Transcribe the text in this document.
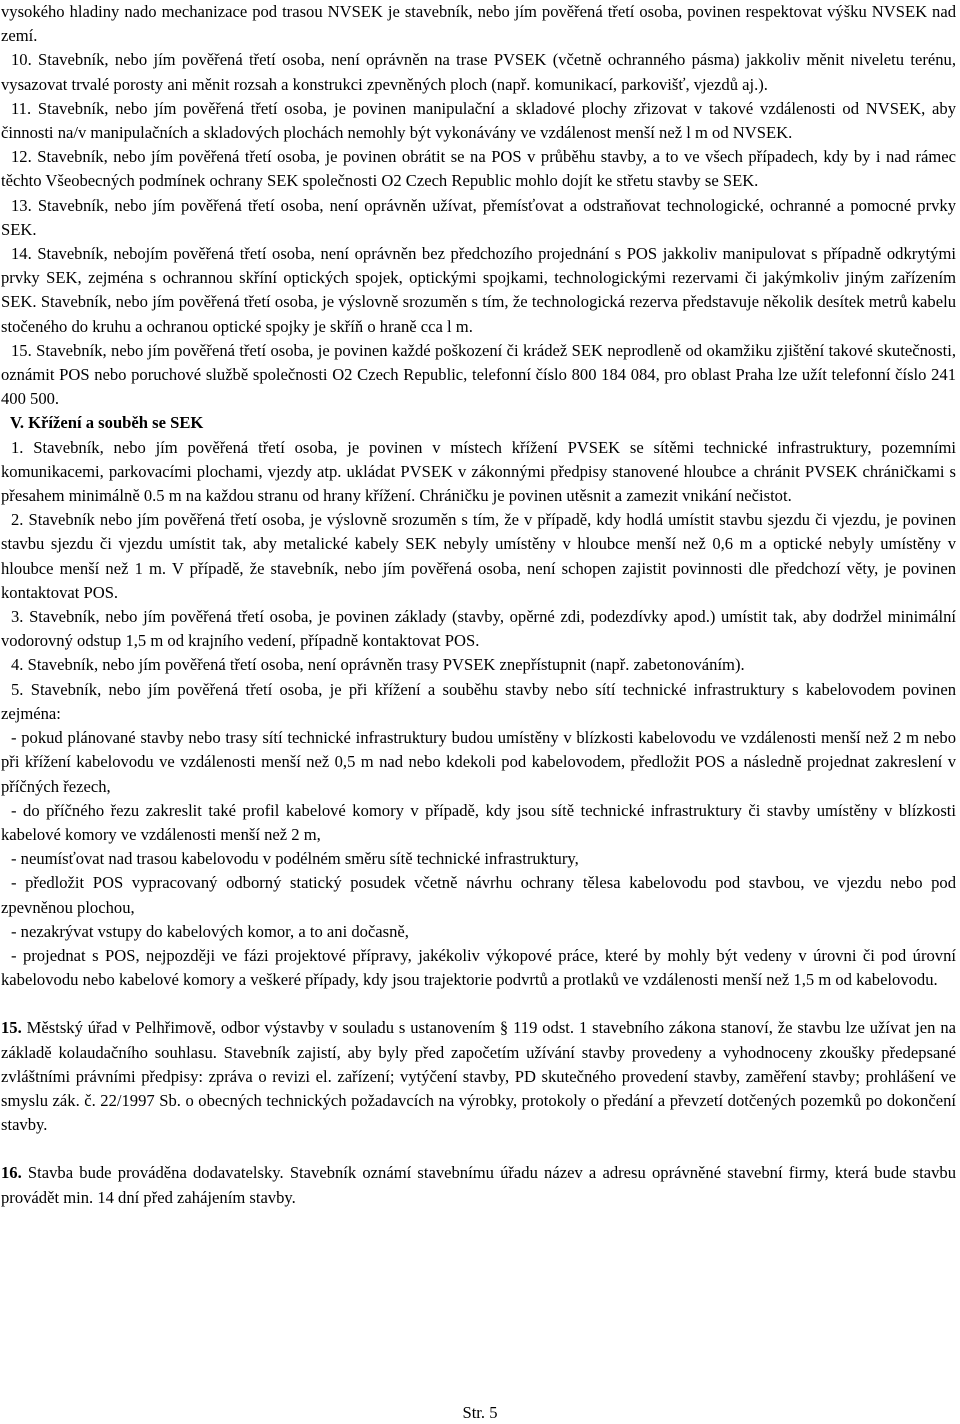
vysokého hladiny nado mechanizace pod trasou NVSEK je stavebník, nebo jím pověřená třetí osoba, povinen respektovat výšku NVSEK nad zemí.

10. Stavebník, nebo jím pověřená třetí osoba, není oprávněn na trase PVSEK (včetně ochranného pásma) jakkoliv měnit niveletu terénu, vysazovat trvalé porosty ani měnit rozsah a konstrukci zpevněných ploch (např. komunikací, parkovišť, vjezdů aj.).

11. Stavebník, nebo jím pověřená třetí osoba, je povinen manipulační a skladové plochy zřizovat v takové vzdálenosti od NVSEK, aby činnosti na/v manipulačních a skladových plochách nemohly být vykonávány ve vzdálenost menší než l m od NVSEK.

12. Stavebník, nebo jím pověřená třetí osoba, je povinen obrátit se na POS v průběhu stavby, a to ve všech případech, kdy by i nad rámec těchto Všeobecných podmínek ochrany SEK společnosti O2 Czech Republic mohlo dojít ke střetu stavby se SEK.

13. Stavebník, nebo jím pověřená třetí osoba, není oprávněn užívat, přemísťovat a odstraňovat technologické, ochranné a pomocné prvky SEK.

14. Stavebník, nebojím pověřená třetí osoba, není oprávněn bez předchozího projednání s POS jakkoliv manipulovat s případně odkrytými prvky SEK, zejména s ochrannou skříní optických spojek, optickými spojkami, technologickými rezervami či jakýmkoliv jiným zařízením SEK. Stavebník, nebo jím pověřená třetí osoba, je výslovně srozuměn s tím, že technologická rezerva představuje několik desítek metrů kabelu stočeného do kruhu a ochranou optické spojky je skříň o hraně cca l m.

15. Stavebník, nebo jím pověřená třetí osoba, je povinen každé poškození či krádež SEK neprodleně od okamžiku zjištění takové skutečnosti, oznámit POS nebo poruchové službě společnosti O2 Czech Republic, telefonní číslo 800 184 084, pro oblast Praha lze užít telefonní číslo 241 400 500.

V. Křížení a souběh se SEK

1. Stavebník, nebo jím pověřená třetí osoba, je povinen v místech křížení PVSEK se sítěmi technické infrastruktury, pozemními komunikacemi, parkovacími plochami, vjezdy atp. ukládat PVSEK v zákonnými předpisy stanovené hloubce a chránit PVSEK chráničkami s přesahem minimálně 0.5 m na každou stranu od hrany křížení. Chráničku je povinen utěsnit a zamezit vnikání nečistot.

2. Stavebník nebo jím pověřená třetí osoba, je výslovně srozuměn s tím, že v případě, kdy hodlá umístit stavbu sjezdu či vjezdu, je povinen stavbu sjezdu či vjezdu umístit tak, aby metalické kabely SEK nebyly umístěny v hloubce menší než 0,6 m a optické nebyly umístěny v hloubce menší než 1 m. V případě, že stavebník, nebo jím pověřená osoba, není schopen zajistit povinnosti dle předchozí věty, je povinen kontaktovat POS.

3. Stavebník, nebo jím pověřená třetí osoba, je povinen základy (stavby, opěrné zdi, podezdívky apod.) umístit tak, aby dodržel minimální vodorovný odstup 1,5 m od krajního vedení, případně kontaktovat POS.

4. Stavebník, nebo jím pověřená třetí osoba, není oprávněn trasy PVSEK znepřístupnit (např. zabetonováním).

5. Stavebník, nebo jím pověřená třetí osoba, je při křížení a souběhu stavby nebo sítí technické infrastruktury s kabelovodem povinen zejména:

- pokud plánované stavby nebo trasy sítí technické infrastruktury budou umístěny v blízkosti kabelovodu ve vzdálenosti menší než 2 m nebo při křížení kabelovodu ve vzdálenosti menší než 0,5 m nad nebo kdekoli pod kabelovodem, předložit POS a následně projednat zakreslení v příčných řezech,

- do příčného řezu zakreslit také profil kabelové komory v případě, kdy jsou sítě technické infrastruktury či stavby umístěny v blízkosti kabelové komory ve vzdálenosti menší než 2 m,

- neumísťovat nad trasou kabelovodu v podélném směru sítě technické infrastruktury,

- předložit POS vypracovaný odborný statický posudek včetně návrhu ochrany tělesa kabelovodu pod stavbou, ve vjezdu nebo pod zpevněnou plochou,

- nezakrývat vstupy do kabelových komor, a to ani dočasně,

- projednat s POS, nejpozději ve fázi projektové přípravy, jakékoliv výkopové práce, které by mohly být vedeny v úrovni či pod úrovní kabelovodu nebo kabelové komory a veškeré případy, kdy jsou trajektorie podvrtů a protlaků ve vzdálenosti menší než 1,5 m od kabelovodu.

15. Městský úřad v Pelhřimově, odbor výstavby v souladu s ustanovením § 119 odst. 1 stavebního zákona stanoví, že stavbu lze užívat jen na základě kolaudačního souhlasu. Stavebník zajistí, aby byly před započetím užívání stavby provedeny a vyhodnoceny zkoušky předepsané zvláštními právními předpisy: zpráva o revizi el. zařízení; vytýčení stavby, PD skutečného provedení stavby, zaměření stavby; prohlášení ve smyslu zák. č. 22/1997 Sb. o obecných technických požadavcích na výrobky, protokoly o předání a převzetí dotčených pozemků po dokončení stavby.

16. Stavba bude prováděna dodavatelsky. Stavebník oznámí stavebnímu úřadu název a adresu oprávněné stavební firmy, která bude stavbu provádět min. 14 dní před zahájením stavby.

Str. 5
